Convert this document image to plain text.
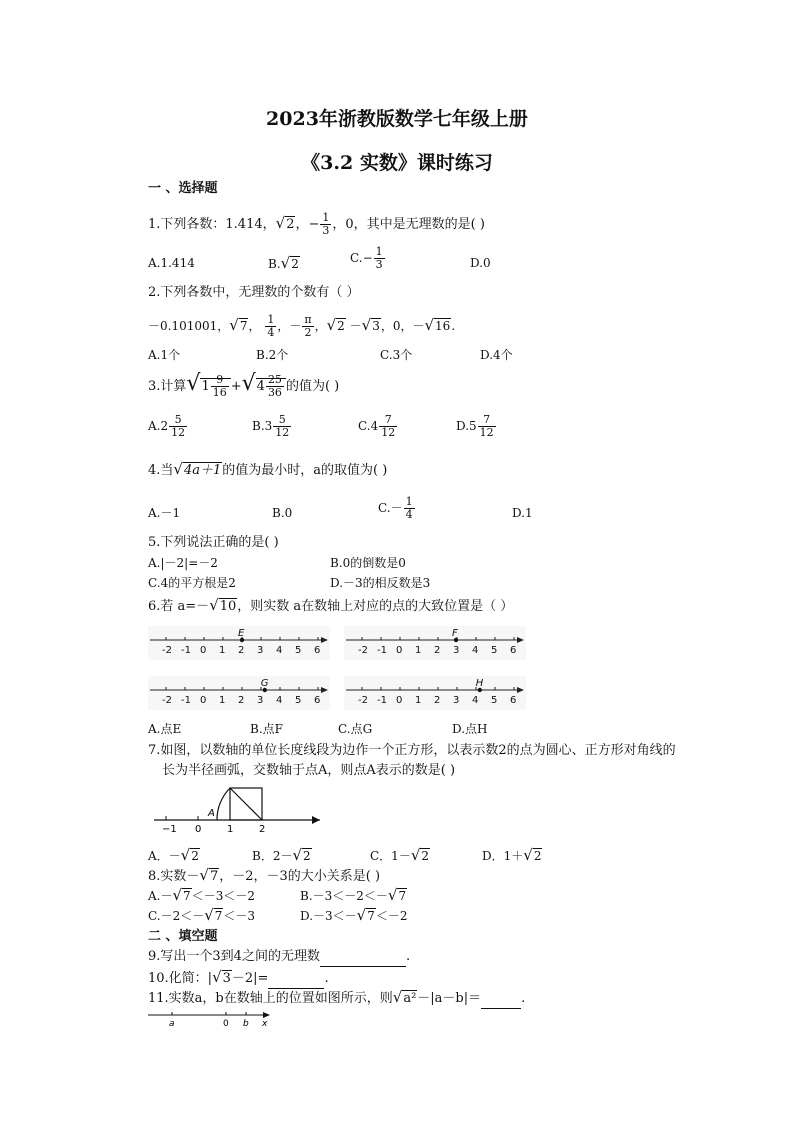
2023年浙教版数学七年级上册
《3.2 实数》课时练习
一 、选择题
1.下列各数：1.414，√2，− $\frac{1}{3}$ ，0，其中是无理数的是( )
A.1.414	B.√2	$C.- \frac{1}{3}$	D.0
2.下列各数中，无理数的个数有（ ）
－0.101001，√7， $\frac{1}{4}$ ，－ $\frac{\pi}{2}$ ，√2 －√3，0，－√16.
A.1个	B.2个	C.3个	D.4个
3.计算$√1 \frac{9}{16} +√4 \frac{25}{36}$ 的值为( )
$A.2 \frac{5}{12}$	$B.3 \frac{5}{12}$	$C.4 \frac{7}{12}$	$D.5 \frac{7}{12}$
4.当√4a＋1的值为最小时，a的取值为( )
A.－1	B.0	$C.- \frac{1}{4}$	D.1
5.下列说法正确的是( )
A.|－2|=－2	B.0的倒数是0
C.4的平方根是2	D.－3的相反数是3
6.若 a=－√10，则实数 a在数轴上对应的点的大致位置是（ ）
-2 -1 0 1 2 3 4 5 6
E
-2 -1 0 1 2 3 4 5 6
F
-2 -1 0 1 2 3 4 5 6
G
-2 -1 0 1 2 3 4 5 6
H
A.点E	B.点F	C.点G	D.点H
7.如图，以数轴的单位长度线段为边作一个正方形，以表示数2的点为圆心、正方形对角线的
长为半径画弧，交数轴于点A，则点A表示的数是( )
−1 0	1	2
A
A．－√2	B．2－√2	C．1－√2	D．1＋√2
8.实数－√7，－2，－3的大小关系是( )
A.－√7＜－3＜－2	B.－3＜－2＜－√7
C.－2＜－√7＜－3	D.－3＜－√7＜－2
二 、填空题
9.写出一个3到4之间的无理数	.
10.化简：|√3－2|=	.
11.实数a，b在数轴上的位置如图所示，则√a²－|a－b|＝	.
a	0 b x
